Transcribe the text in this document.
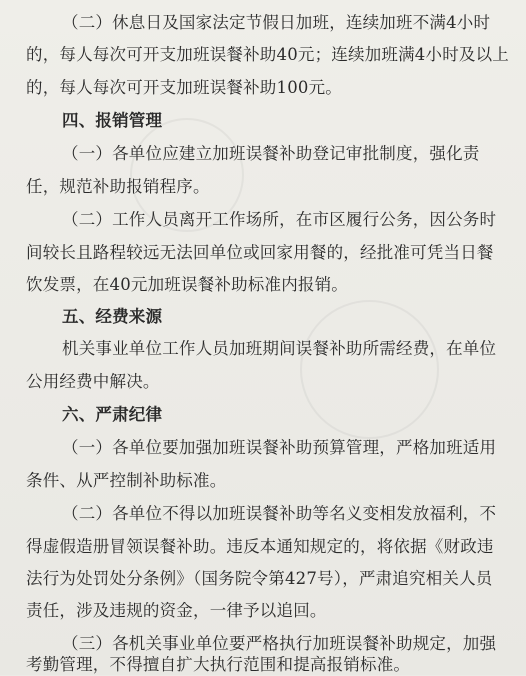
（二）休息日及国家法定节假日加班，连续加班不满4小时
的，每人每次可开支加班误餐补助40元；连续加班满4小时及以上
的，每人每次可开支加班误餐补助100元。
四、报销管理
（一）各单位应建立加班误餐补助登记审批制度，强化责
任，规范补助报销程序。
（二）工作人员离开工作场所，在市区履行公务，因公务时
间较长且路程较远无法回单位或回家用餐的，经批准可凭当日餐
饮发票，在40元加班误餐补助标准内报销。
五、经费来源
机关事业单位工作人员加班期间误餐补助所需经费，在单位
公用经费中解决。
六、严肃纪律
（一）各单位要加强加班误餐补助预算管理，严格加班适用
条件、从严控制补助标准。
（二）各单位不得以加班误餐补助等名义变相发放福利，不
得虚假造册冒领误餐补助。违反本通知规定的，将依据《财政违
法行为处罚处分条例》（国务院令第427号），严肃追究相关人员
责任，涉及违规的资金，一律予以追回。
（三）各机关事业单位要严格执行加班误餐补助规定，加强
考勤管理，不得擅自扩大执行范围和提高报销标准。
